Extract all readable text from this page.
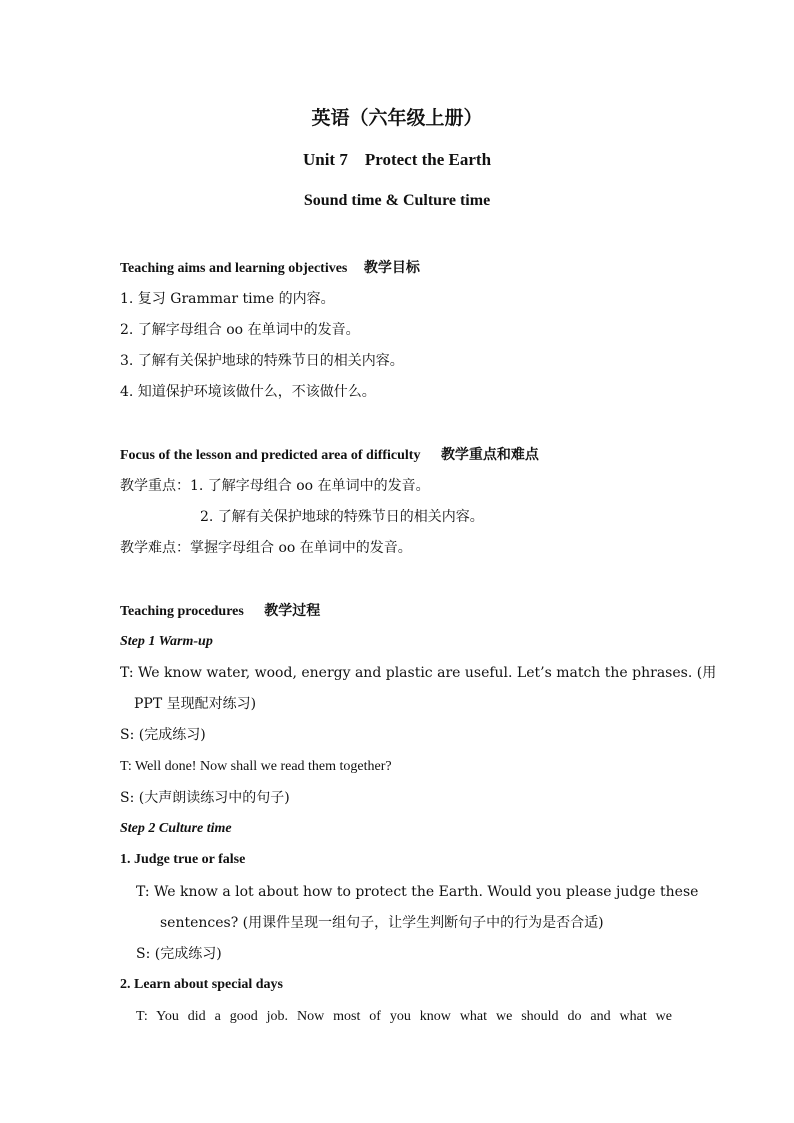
英语（六年级上册）
Unit 7　Protect the Earth
Sound time & Culture time
Teaching aims and learning objectives 教学目标
1. 复习 Grammar time 的内容。
2. 了解字母组合 oo 在单词中的发音。
3. 了解有关保护地球的特殊节日的相关内容。
4. 知道保护环境该做什么，不该做什么。
Focus of the lesson and predicted area of difficulty 教学重点和难点
教学重点：1. 了解字母组合 oo 在单词中的发音。
2. 了解有关保护地球的特殊节日的相关内容。
教学难点：掌握字母组合 oo 在单词中的发音。
Teaching procedures 教学过程
Step 1 Warm-up
T: We know water, wood, energy and plastic are useful. Let’s match the phrases. (用
PPT 呈现配对练习)
S: (完成练习)
T: Well done! Now shall we read them together?
S: (大声朗读练习中的句子)
Step 2 Culture time
1. Judge true or false
T: We know a lot about how to protect the Earth. Would you please judge these
sentences? (用课件呈现一组句子，让学生判断句子中的行为是否合适)
S: (完成练习)
2. Learn about special days
T: You did a good job. Now most of you know what we should do and what we
